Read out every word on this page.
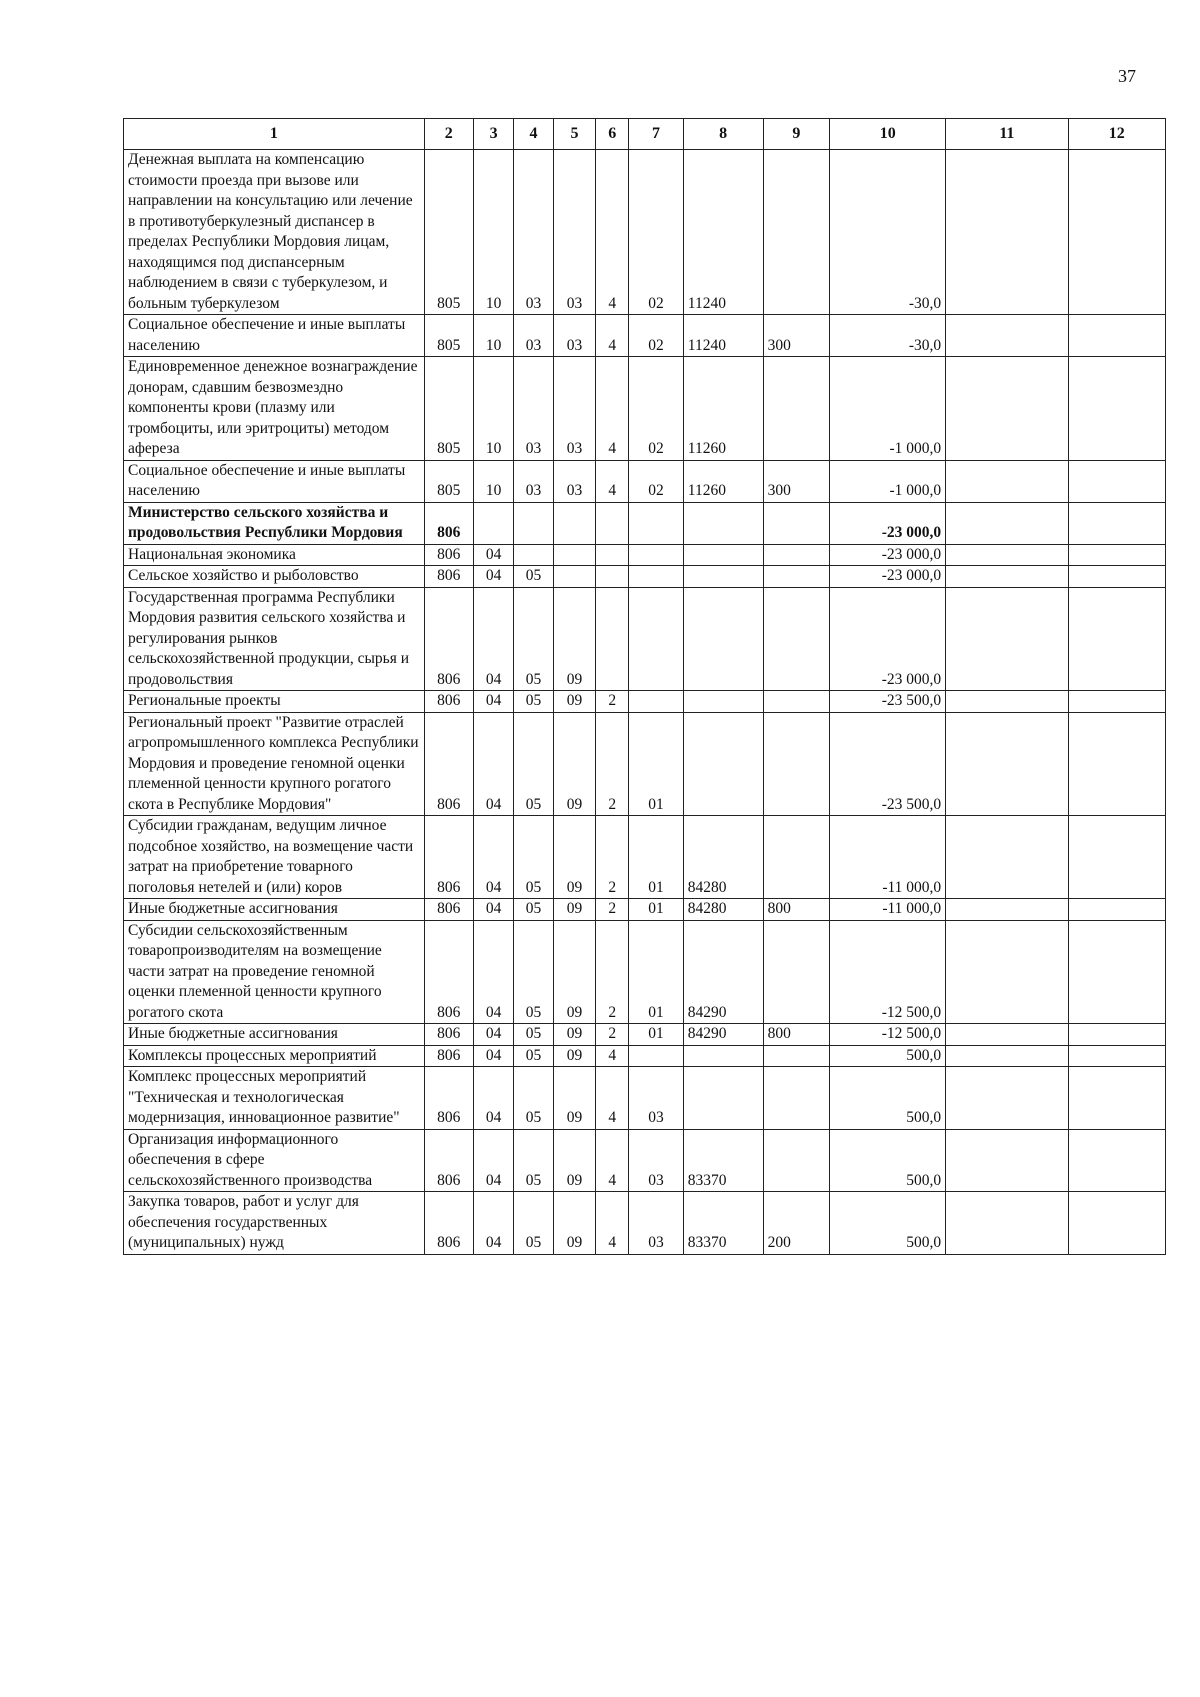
37
1	2	3	4	5	6	7	8	9	10	11	12
Денежная выплата на компенсацию стоимости проезда при вызове или направлении на консультацию или лечение в противотуберкулезный диспансер в пределах Республики Мордовия лицам, находящимся под диспансерным наблюдением в связи с туберкулезом, и больным туберкулезом	805	10	03	03	4	02	11240		-30,0		
Социальное обеспечение и иные выплаты населению	805	10	03	03	4	02	11240	300	-30,0		
Единовременное денежное вознаграждение донорам, сдавшим безвозмездно компоненты крови (плазму или тромбоциты, или эритроциты) методом афереза	805	10	03	03	4	02	11260		-1 000,0		
Социальное обеспечение и иные выплаты населению	805	10	03	03	4	02	11260	300	-1 000,0		
Министерство сельского хозяйства и продовольствия Республики Мордовия	806								-23 000,0		
Национальная экономика	806	04							-23 000,0		
Сельское хозяйство и рыболовство	806	04	05						-23 000,0		
Государственная программа Республики Мордовия развития сельского хозяйства и регулирования рынков сельскохозяйственной продукции, сырья и продовольствия	806	04	05	09					-23 000,0		
Региональные проекты	806	04	05	09	2				-23 500,0		
Региональный проект "Развитие отраслей агропромышленного комплекса Республики Мордовия и проведение геномной оценки племенной ценности крупного рогатого скота в Республике Мордовия"	806	04	05	09	2	01			-23 500,0		
Субсидии гражданам, ведущим личное подсобное хозяйство, на возмещение части затрат на приобретение товарного поголовья нетелей и (или) коров	806	04	05	09	2	01	84280		-11 000,0		
Иные бюджетные ассигнования	806	04	05	09	2	01	84280	800	-11 000,0		
Субсидии сельскохозяйственным товаропроизводителям на возмещение части затрат на проведение геномной оценки племенной ценности крупного рогатого скота	806	04	05	09	2	01	84290		-12 500,0		
Иные бюджетные ассигнования	806	04	05	09	2	01	84290	800	-12 500,0		
Комплексы процессных мероприятий	806	04	05	09	4				500,0		
Комплекс процессных мероприятий "Техническая и технологическая модернизация, инновационное развитие"	806	04	05	09	4	03			500,0		
Организация информационного обеспечения в сфере сельскохозяйственного производства	806	04	05	09	4	03	83370		500,0		
Закупка товаров, работ и услуг для обеспечения государственных (муниципальных) нужд	806	04	05	09	4	03	83370	200	500,0		
